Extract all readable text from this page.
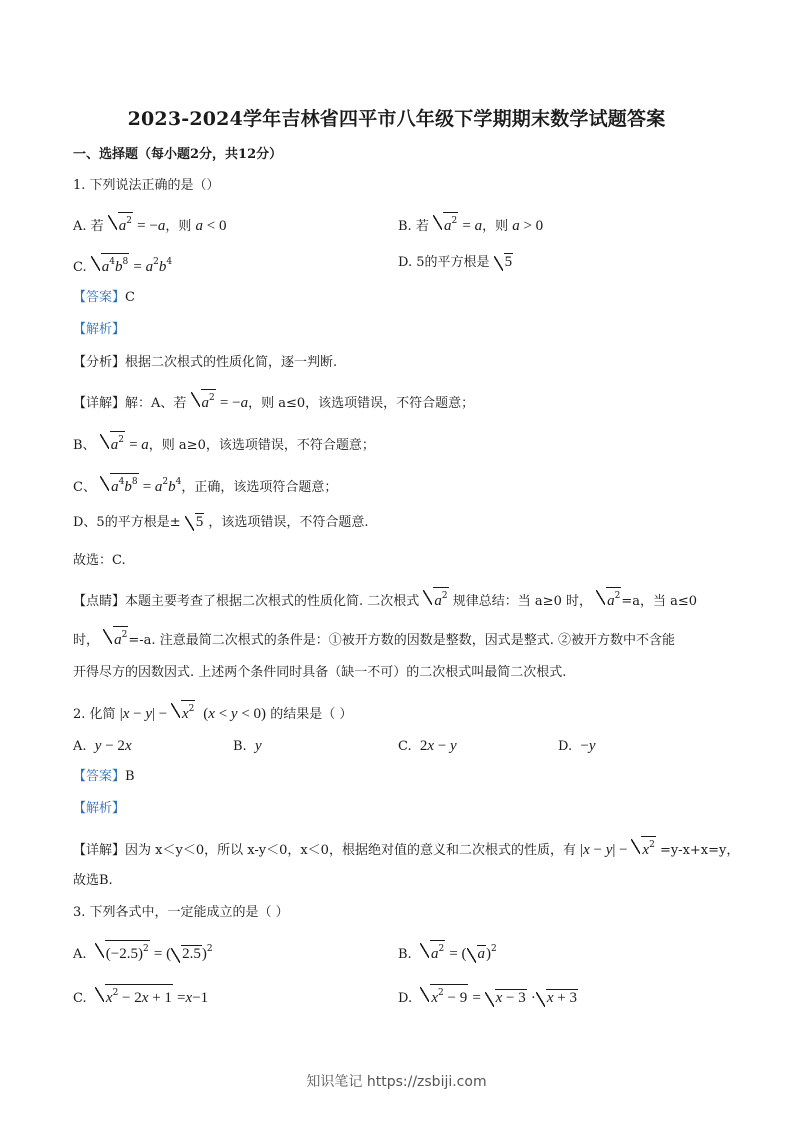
2023-2024学年吉林省四平市八年级下学期期末数学试题答案
一、选择题（每小题2分，共12分）
1. 下列说法正确的是（）
A. 若 $a^2 = -a$，则 a < 0	B. 若 $a^2 = a$，则 a > 0
C. $a^4b^8 = a^2b^4$	D. 5的平方根是 5
【答案】C
【解析】
【分析】根据二次根式的性质化简，逐一判断.
【详解】解：A、若 $a^2 = -a$，则 a≤0，该选项错误，不符合题意；
B、 $a^2 = a$，则 a≥0，该选项错误，不符合题意；
C、 $a^4b^8 = a^2b^4$，正确，该选项符合题意；
D、5的平方根是± 5 ，该选项错误，不符合题意.
故选：C.
【点睛】本题主要考查了根据二次根式的性质化简. 二次根式 $a^2$ 规律总结：当 a≥0 时， $a^2=a$，当 a≤0
时， $a^2=-a$. 注意最简二次根式的条件是：①被开方数的因数是整数，因式是整式. ②被开方数中不含能
开得尽方的因数因式. 上述两个条件同时具备（缺一不可）的二次根式叫最简二次根式.
2. 化简 $|x - y| - x^2$  (x < y < 0) 的结果是（ ）
A. y − 2x	B. y	C. 2x − y	D. −y
【答案】B
【解析】
【详解】因为 x＜y＜0，所以 x-y＜0，x＜0，根据绝对值的意义和二次根式的性质，有 $|x - y| - x^2 =y-x+x=y$，
故选B.
3. 下列各式中，一定能成立的是（ ）
A. $(-2.5)^2$ = ( 2.5)$^2$	B. $a^2$ = ( a)$^2$
C. $x^2 - 2x + 1 =x-1$	D. $x^2 - 9 = x - 3 \cdot x + 3$
知识笔记 https://zsbiji.com
